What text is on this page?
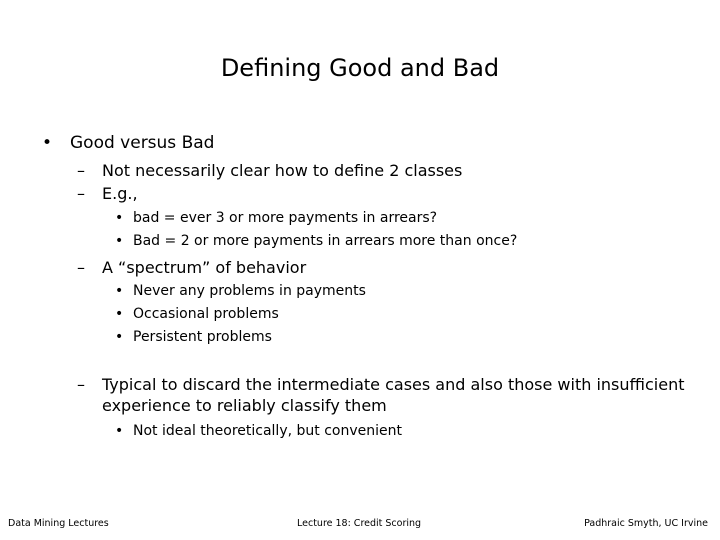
Defining Good and Bad
• Good versus Bad
– Not necessarily clear how to define 2 classes
– E.g.,
• bad = ever 3 or more payments in arrears?
• Bad = 2 or more payments in arrears more than once?
– A “spectrum” of behavior
• Never any problems in payments
• Occasional problems
• Persistent problems
– Typical to discard the intermediate cases and also those with insufficient experience to reliably classify them
• Not ideal theoretically, but convenient
Data Mining Lectures	Lecture 18: Credit Scoring	Padhraic Smyth, UC Irvine
